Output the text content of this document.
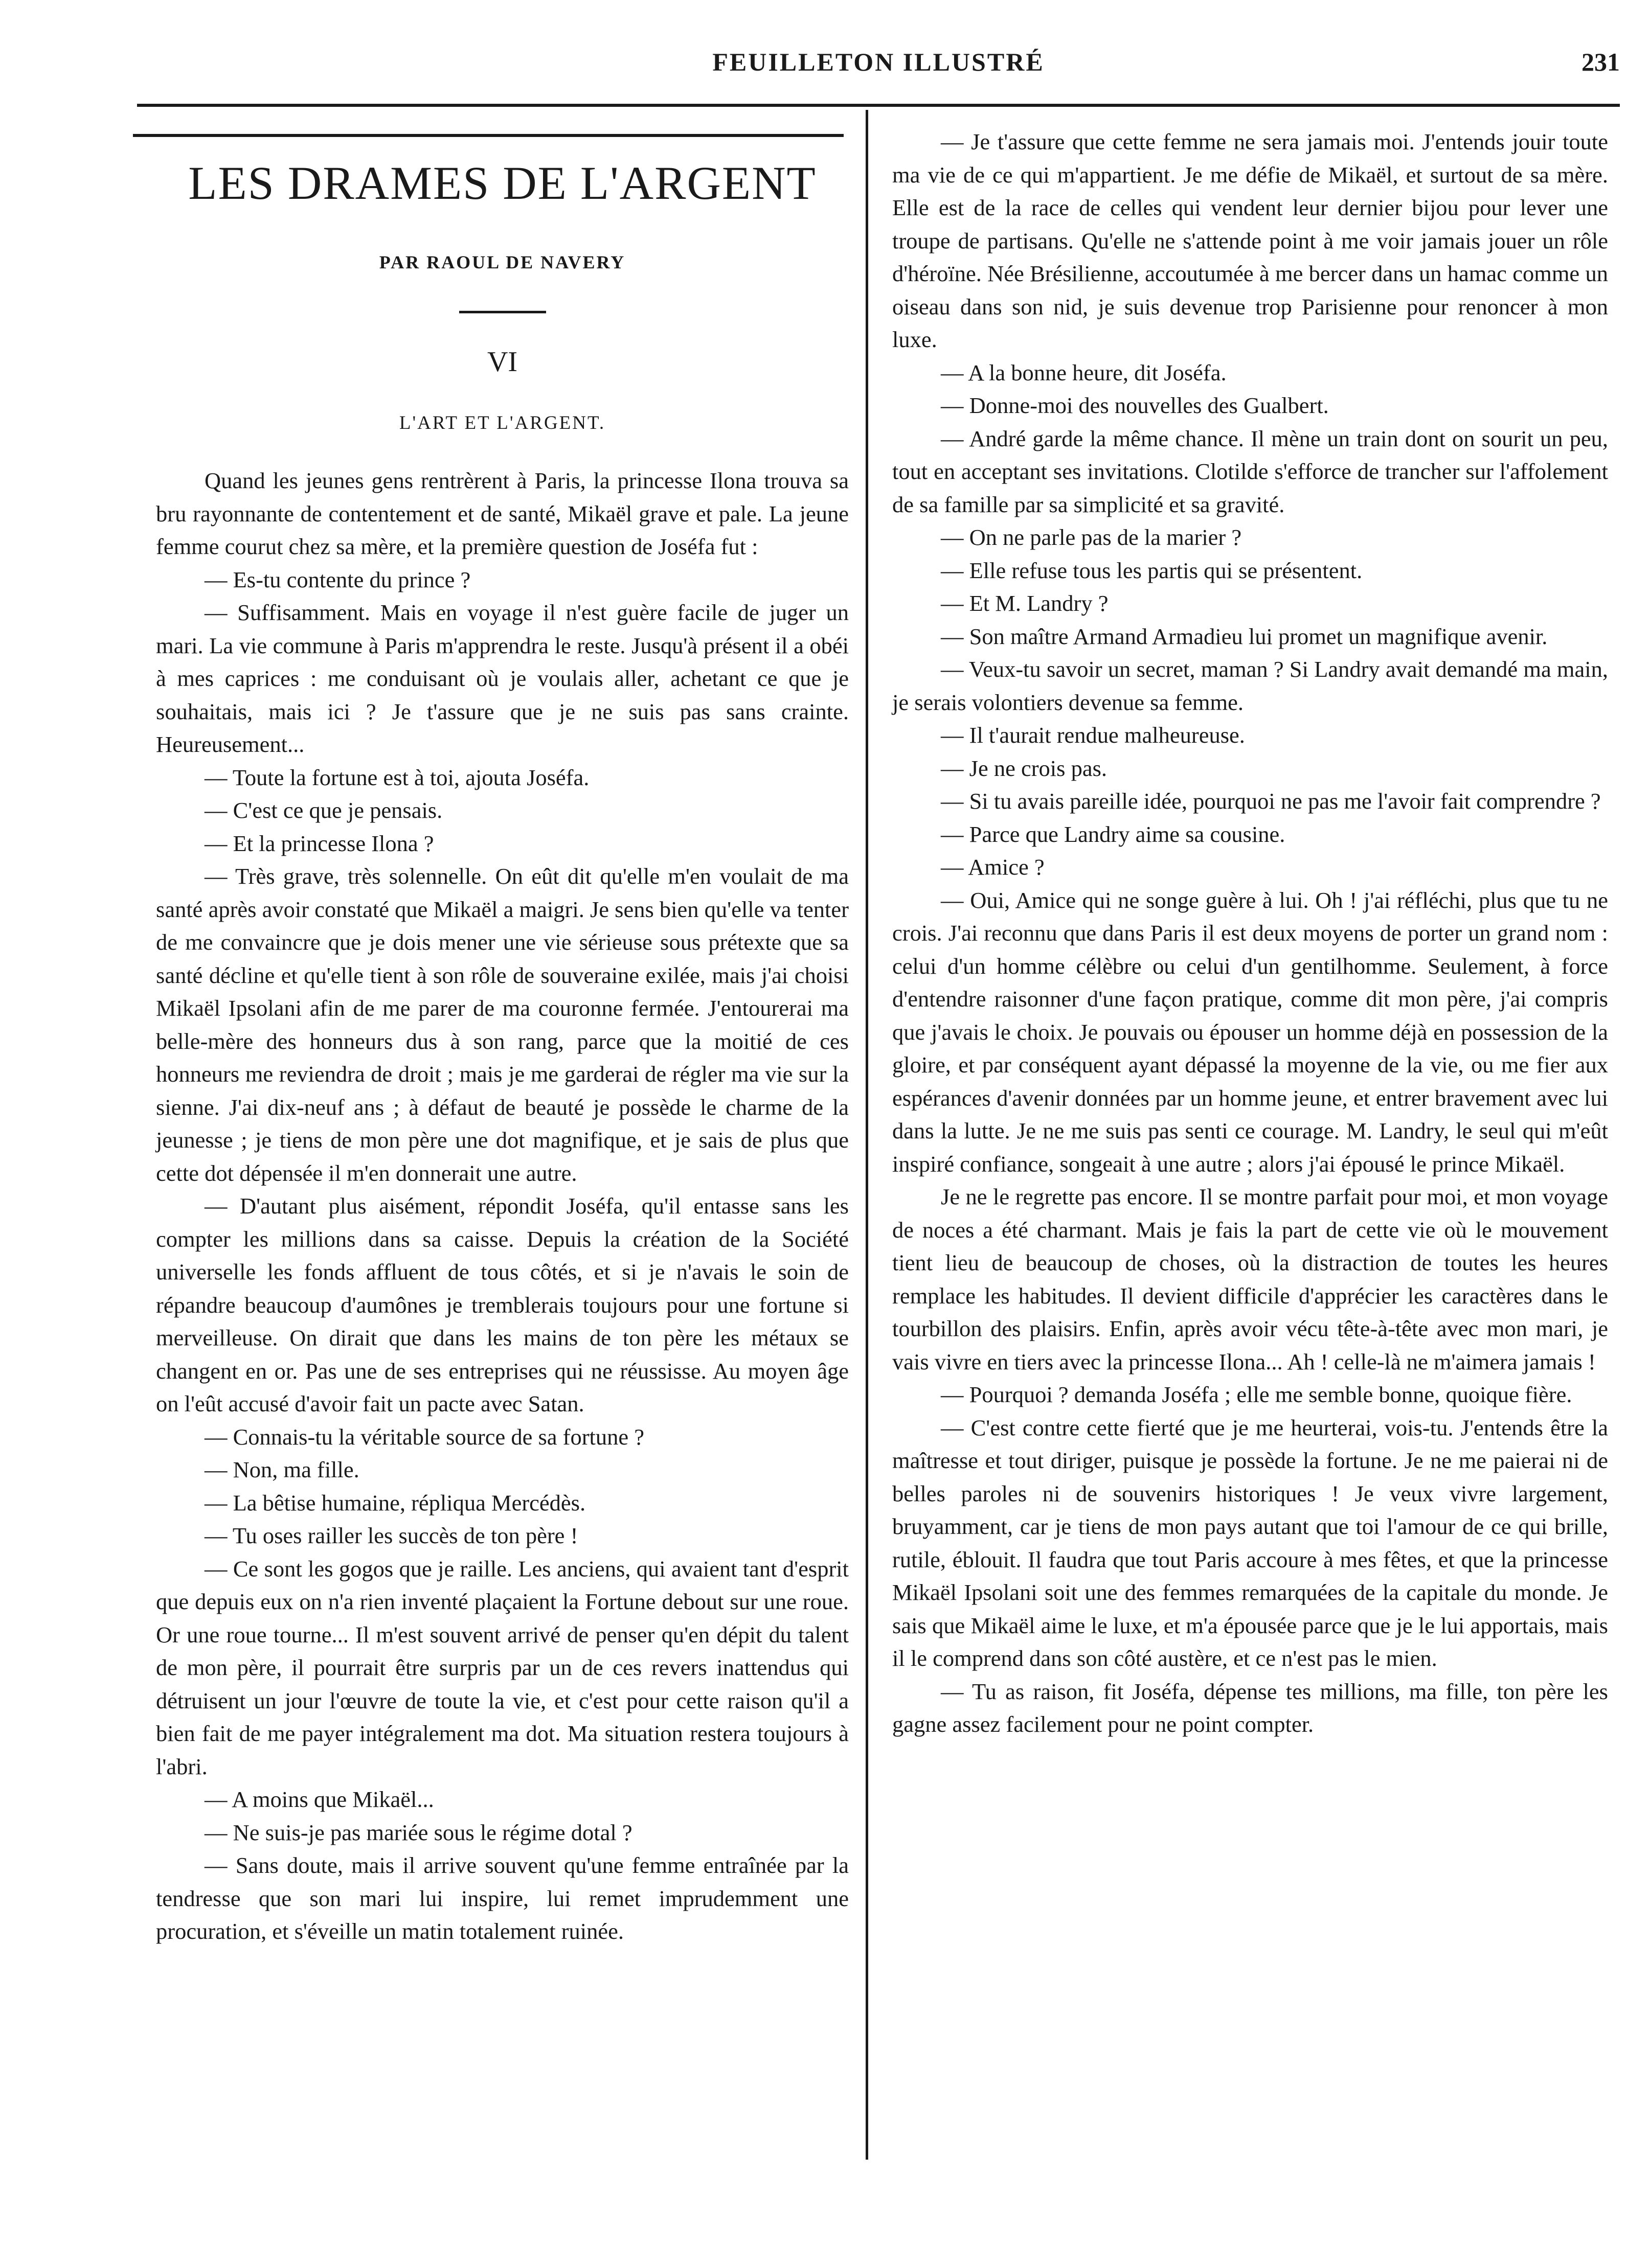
FEUILLETON ILLUSTRÉ	231
LES DRAMES DE L'ARGENT
PAR RAOUL DE NAVERY
VI
L'ART ET L'ARGENT.

Quand les jeunes gens rentrèrent à Paris, la princesse Ilona trouva sa bru rayonnante de contentement et de santé, Mikaël grave et pale. La jeune femme courut chez sa mère, et la première question de Joséfa fut :

— Es-tu contente du prince ?

— Suffisamment. Mais en voyage il n'est guère facile de juger un mari. La vie commune à Paris m'apprendra le reste. Jusqu'à présent il a obéi à mes caprices : me conduisant où je voulais aller, achetant ce que je souhaitais, mais ici ? Je t'assure que je ne suis pas sans crainte. Heureusement...

— Toute la fortune est à toi, ajouta Joséfa.

— C'est ce que je pensais.

— Et la princesse Ilona ?

— Très grave, très solennelle. On eût dit qu'elle m'en voulait de ma santé après avoir constaté que Mikaël a maigri. Je sens bien qu'elle va tenter de me convaincre que je dois mener une vie sérieuse sous prétexte que sa santé décline et qu'elle tient à son rôle de souveraine exilée, mais j'ai choisi Mikaël Ipsolani afin de me parer de ma couronne fermée. J'entourerai ma belle-mère des honneurs dus à son rang, parce que la moitié de ces honneurs me reviendra de droit ; mais je me garderai de régler ma vie sur la sienne. J'ai dix-neuf ans ; à défaut de beauté je possède le charme de la jeunesse ; je tiens de mon père une dot magnifique, et je sais de plus que cette dot dépensée il m'en donnerait une autre.

— D'autant plus aisément, répondit Joséfa, qu'il entasse sans les compter les millions dans sa caisse. Depuis la création de la Société universelle les fonds affluent de tous côtés, et si je n'avais le soin de répandre beaucoup d'aumônes je tremblerais toujours pour une fortune si merveilleuse. On dirait que dans les mains de ton père les métaux se changent en or. Pas une de ses entreprises qui ne réussisse. Au moyen âge on l'eût accusé d'avoir fait un pacte avec Satan.

— Connais-tu la véritable source de sa fortune ?

— Non, ma fille.

— La bêtise humaine, répliqua Mercédès.

— Tu oses railler les succès de ton père !

— Ce sont les gogos que je raille. Les anciens, qui avaient tant d'esprit que depuis eux on n'a rien inventé plaçaient la Fortune debout sur une roue. Or une roue tourne... Il m'est souvent arrivé de penser qu'en dépit du talent de mon père, il pourrait être surpris par un de ces revers inattendus qui détruisent un jour l'œuvre de toute la vie, et c'est pour cette raison qu'il a bien fait de me payer intégralement ma dot. Ma situation restera toujours à l'abri.

— A moins que Mikaël...

— Ne suis-je pas mariée sous le régime dotal ?

— Sans doute, mais il arrive souvent qu'une femme entraînée par la tendresse que son mari lui inspire, lui remet imprudemment une procuration, et s'éveille un matin totalement ruinée.

— Je t'assure que cette femme ne sera jamais moi. J'entends jouir toute ma vie de ce qui m'appartient. Je me défie de Mikaël, et surtout de sa mère. Elle est de la race de celles qui vendent leur dernier bijou pour lever une troupe de partisans. Qu'elle ne s'attende point à me voir jamais jouer un rôle d'héroïne. Née Brésilienne, accoutumée à me bercer dans un hamac comme un oiseau dans son nid, je suis devenue trop Parisienne pour renoncer à mon luxe.

— A la bonne heure, dit Joséfa.

— Donne-moi des nouvelles des Gualbert.

— André garde la même chance. Il mène un train dont on sourit un peu, tout en acceptant ses invitations. Clotilde s'efforce de trancher sur l'affolement de sa famille par sa simplicité et sa gravité.

— On ne parle pas de la marier ?

— Elle refuse tous les partis qui se présentent.

— Et M. Landry ?

— Son maître Armand Armadieu lui promet un magnifique avenir.

— Veux-tu savoir un secret, maman ? Si Landry avait demandé ma main, je serais volontiers devenue sa femme.

— Il t'aurait rendue malheureuse.

— Je ne crois pas.

— Si tu avais pareille idée, pourquoi ne pas me l'avoir fait comprendre ?

— Parce que Landry aime sa cousine.

— Amice ?

— Oui, Amice qui ne songe guère à lui. Oh ! j'ai réfléchi, plus que tu ne crois. J'ai reconnu que dans Paris il est deux moyens de porter un grand nom : celui d'un homme célèbre ou celui d'un gentilhomme. Seulement, à force d'entendre raisonner d'une façon pratique, comme dit mon père, j'ai compris que j'avais le choix. Je pouvais ou épouser un homme déjà en possession de la gloire, et par conséquent ayant dépassé la moyenne de la vie, ou me fier aux espérances d'avenir données par un homme jeune, et entrer bravement avec lui dans la lutte. Je ne me suis pas senti ce courage. M. Landry, le seul qui m'eût inspiré confiance, songeait à une autre ; alors j'ai épousé le prince Mikaël.

Je ne le regrette pas encore. Il se montre parfait pour moi, et mon voyage de noces a été charmant. Mais je fais la part de cette vie où le mouvement tient lieu de beaucoup de choses, où la distraction de toutes les heures remplace les habitudes. Il devient difficile d'apprécier les caractères dans le tourbillon des plaisirs. Enfin, après avoir vécu tête-à-tête avec mon mari, je vais vivre en tiers avec la princesse Ilona... Ah ! celle-là ne m'aimera jamais !

— Pourquoi ? demanda Joséfa ; elle me semble bonne, quoique fière.

— C'est contre cette fierté que je me heurterai, vois-tu. J'entends être la maîtresse et tout diriger, puisque je possède la fortune. Je ne me paierai ni de belles paroles ni de souvenirs historiques ! Je veux vivre largement, bruyamment, car je tiens de mon pays autant que toi l'amour de ce qui brille, rutile, éblouit. Il faudra que tout Paris accoure à mes fêtes, et que la princesse Mikaël Ipsolani soit une des femmes remarquées de la capitale du monde. Je sais que Mikaël aime le luxe, et m'a épousée parce que je le lui apportais, mais il le comprend dans son côté austère, et ce n'est pas le mien.

— Tu as raison, fit Joséfa, dépense tes millions, ma fille, ton père les gagne assez facilement pour ne point compter.
